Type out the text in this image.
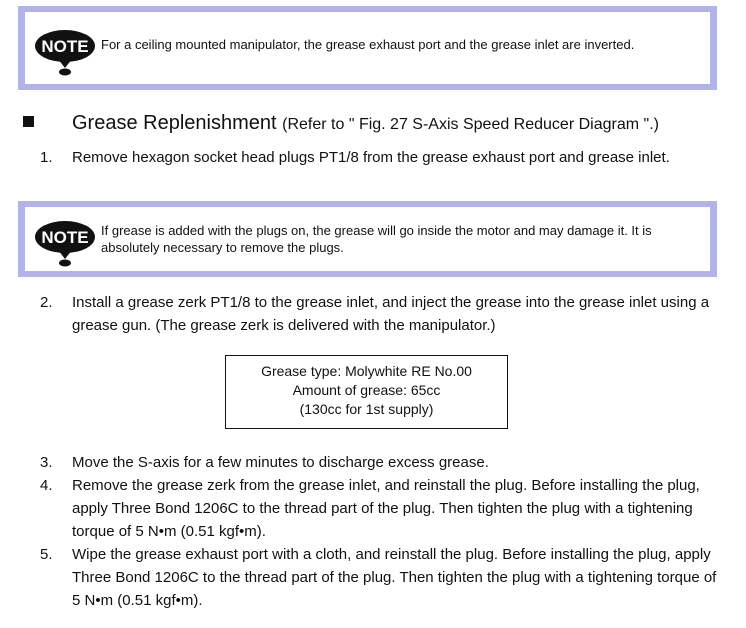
NOTE For a ceiling mounted manipulator, the grease exhaust port and the grease inlet are inverted.
Grease Replenishment (Refer to " Fig. 27 S-Axis Speed Reducer Diagram ".)
1. Remove hexagon socket head plugs PT1/8 from the grease exhaust port and grease inlet.
NOTE If grease is added with the plugs on, the grease will go inside the motor and may damage it. It is absolutely necessary to remove the plugs.
2. Install a grease zerk PT1/8 to the grease inlet, and inject the grease into the grease inlet using a grease gun. (The grease zerk is delivered with the manipulator.)
Grease type: Molywhite RE No.00
Amount of grease: 65cc
(130cc for 1st supply)
3. Move the S-axis for a few minutes to discharge excess grease.
4. Remove the grease zerk from the grease inlet, and reinstall the plug. Before installing the plug, apply Three Bond 1206C to the thread part of the plug. Then tighten the plug with a tightening torque of 5 N•m (0.51 kgf•m).
5. Wipe the grease exhaust port with a cloth, and reinstall the plug. Before installing the plug, apply Three Bond 1206C to the thread part of the plug. Then tighten the plug with a tightening torque of 5 N•m (0.51 kgf•m).
